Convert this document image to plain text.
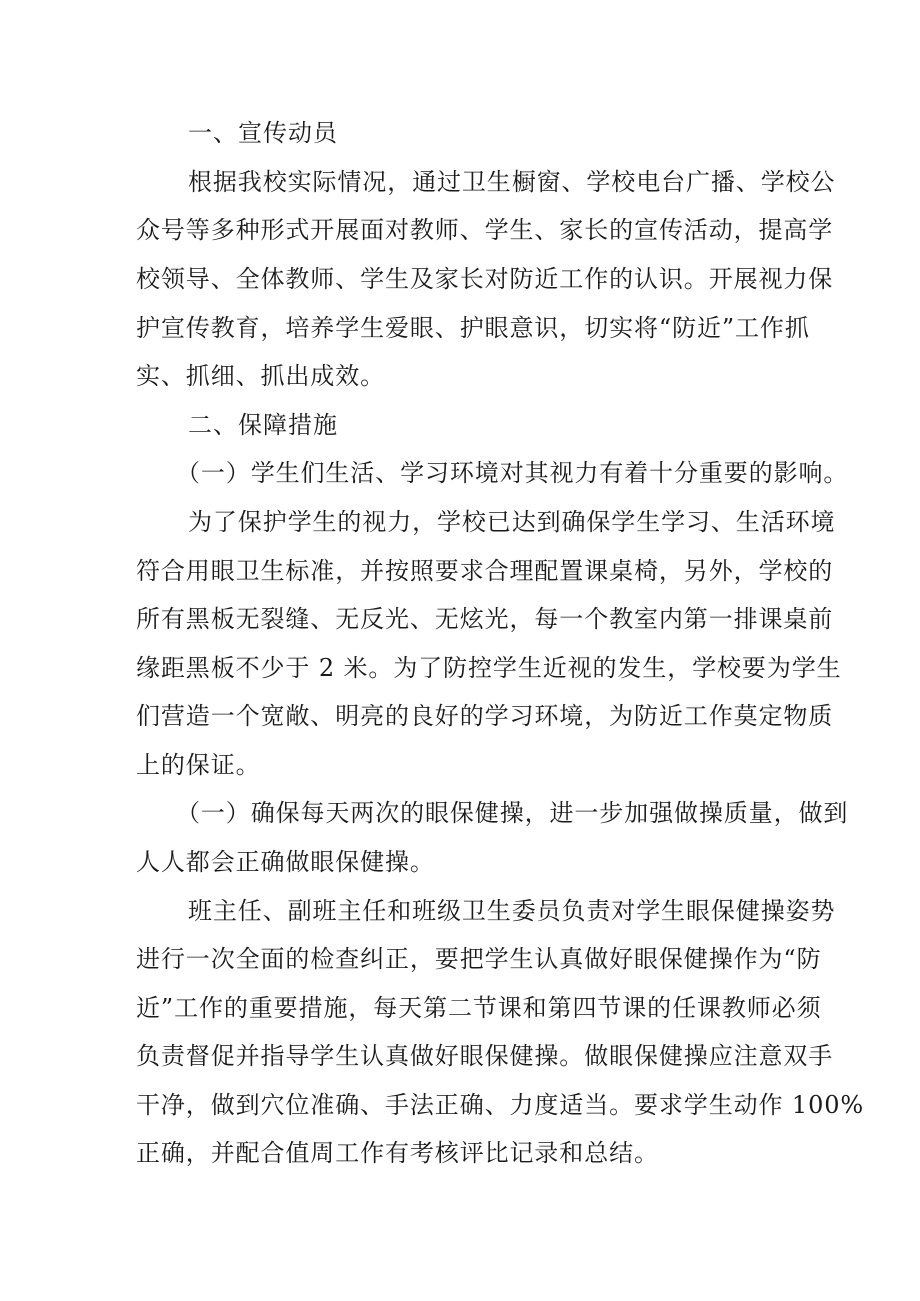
一、宣传动员
根据我校实际情况，通过卫生橱窗、学校电台广播、学校公
众号等多种形式开展面对教师、学生、家长的宣传活动，提高学
校领导、全体教师、学生及家长对防近工作的认识。开展视力保
护宣传教育，培养学生爱眼、护眼意识，切实将“防近”工作抓
实、抓细、抓出成效。
二、保障措施
（一）学生们生活、学习环境对其视力有着十分重要的影响。
为了保护学生的视力，学校已达到确保学生学习、生活环境
符合用眼卫生标准，并按照要求合理配置课桌椅，另外，学校的
所有黑板无裂缝、无反光、无炫光，每一个教室内第一排课桌前
缘距黑板不少于 2 米。为了防控学生近视的发生，学校要为学生
们营造一个宽敞、明亮的良好的学习环境，为防近工作莫定物质
上的保证。
（一）确保每天两次的眼保健操，进一步加强做操质量，做到
人人都会正确做眼保健操。
班主任、副班主任和班级卫生委员负责对学生眼保健操姿势
进行一次全面的检查纠正，要把学生认真做好眼保健操作为“防
近”工作的重要措施，每天第二节课和第四节课的任课教师必须
负责督促并指导学生认真做好眼保健操。做眼保健操应注意双手
干净，做到穴位准确、手法正确、力度适当。要求学生动作 100%
正确，并配合值周工作有考核评比记录和总结。
